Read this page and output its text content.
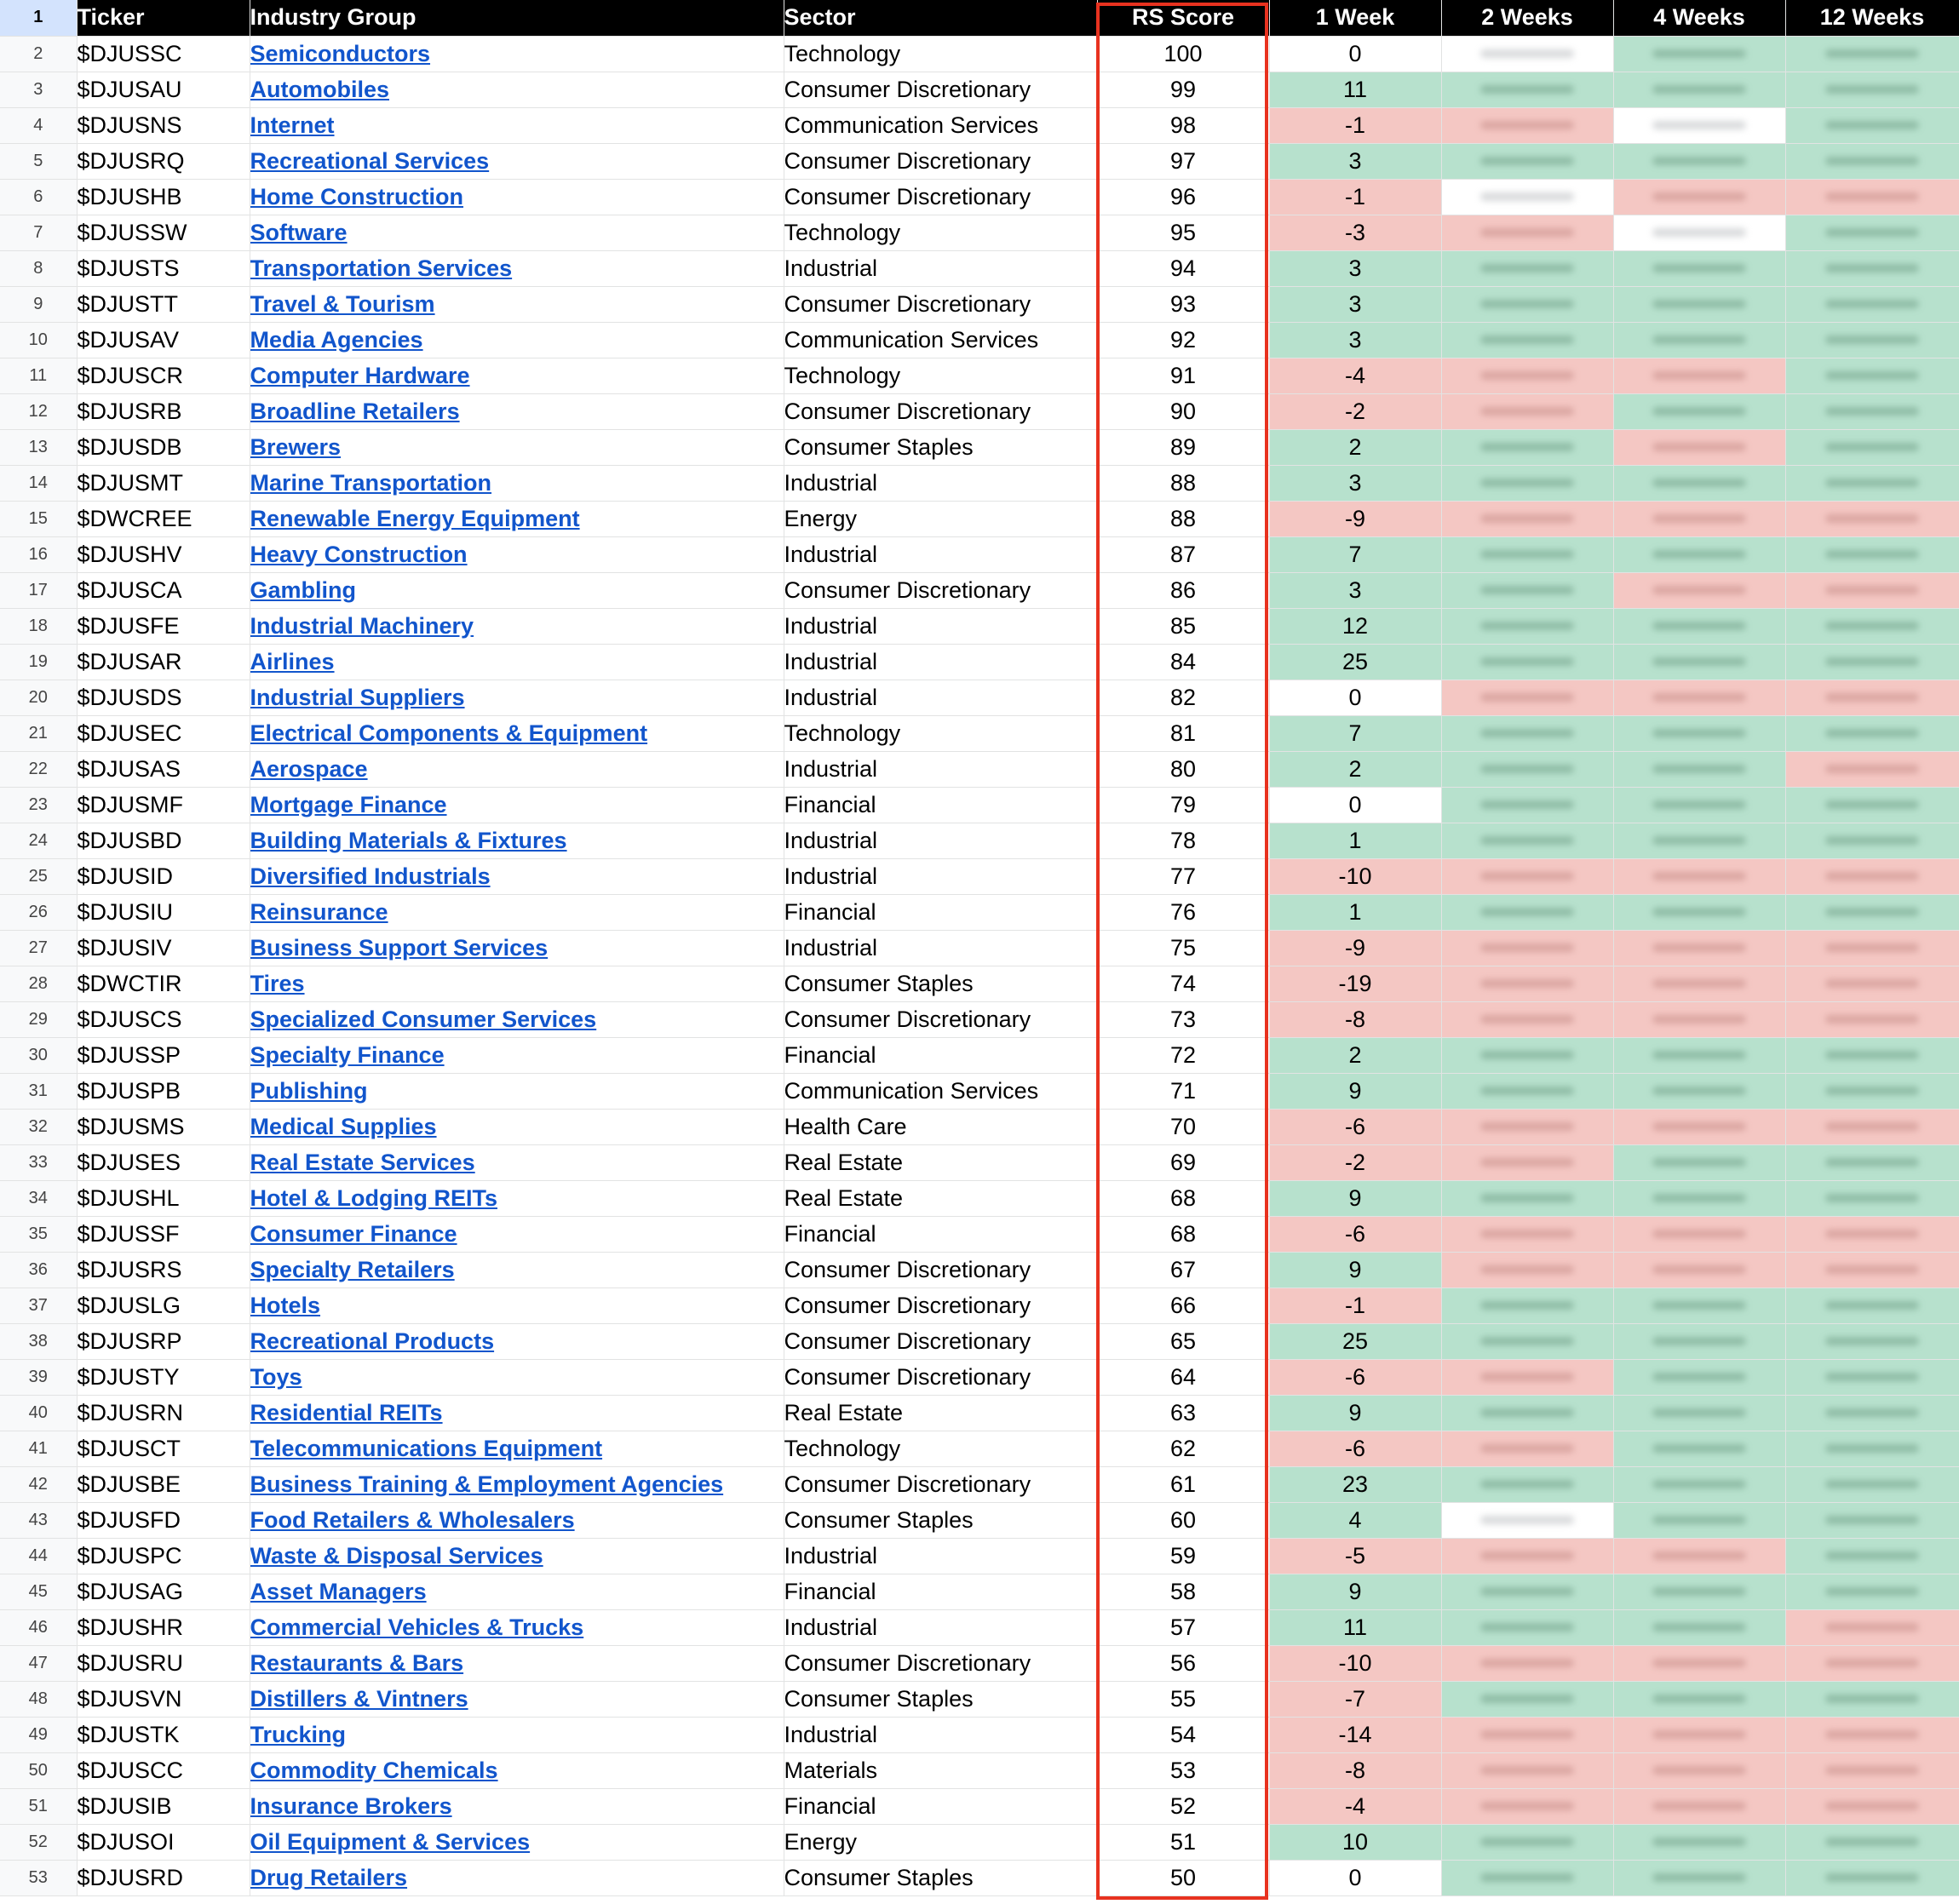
1	Ticker	Industry Group	Sector	RS Score	1 Week	2 Weeks	4 Weeks	12 Weeks
2	$DJUSSC	Semiconductors	Technology	100	0	

3	$DJUSAU	Automobiles	Consumer Discretionary	99	11	

4	$DJUSNS	Internet	Communication Services	98	-1	

5	$DJUSRQ	Recreational Services	Consumer Discretionary	97	3	

6	$DJUSHB	Home Construction	Consumer Discretionary	96	-1	

7	$DJUSSW	Software	Technology	95	-3	

8	$DJUSTS	Transportation Services	Industrial	94	3	

9	$DJUSTT	Travel & Tourism	Consumer Discretionary	93	3	

10	$DJUSAV	Media Agencies	Communication Services	92	3	

11	$DJUSCR	Computer Hardware	Technology	91	-4	

12	$DJUSRB	Broadline Retailers	Consumer Discretionary	90	-2	

13	$DJUSDB	Brewers	Consumer Staples	89	2	

14	$DJUSMT	Marine Transportation	Industrial	88	3	

15	$DWCREE	Renewable Energy Equipment	Energy	88	-9	

16	$DJUSHV	Heavy Construction	Industrial	87	7	

17	$DJUSCA	Gambling	Consumer Discretionary	86	3	

18	$DJUSFE	Industrial Machinery	Industrial	85	12	

19	$DJUSAR	Airlines	Industrial	84	25	

20	$DJUSDS	Industrial Suppliers	Industrial	82	0	

21	$DJUSEC	Electrical Components & Equipment	Technology	81	7	

22	$DJUSAS	Aerospace	Industrial	80	2	

23	$DJUSMF	Mortgage Finance	Financial	79	0	

24	$DJUSBD	Building Materials & Fixtures	Industrial	78	1	

25	$DJUSID	Diversified Industrials	Industrial	77	-10	

26	$DJUSIU	Reinsurance	Financial	76	1	

27	$DJUSIV	Business Support Services	Industrial	75	-9	

28	$DWCTIR	Tires	Consumer Staples	74	-19	

29	$DJUSCS	Specialized Consumer Services	Consumer Discretionary	73	-8	

30	$DJUSSP	Specialty Finance	Financial	72	2	

31	$DJUSPB	Publishing	Communication Services	71	9	

32	$DJUSMS	Medical Supplies	Health Care	70	-6	

33	$DJUSES	Real Estate Services	Real Estate	69	-2	

34	$DJUSHL	Hotel & Lodging REITs	Real Estate	68	9	

35	$DJUSSF	Consumer Finance	Financial	68	-6	

36	$DJUSRS	Specialty Retailers	Consumer Discretionary	67	9	

37	$DJUSLG	Hotels	Consumer Discretionary	66	-1	

38	$DJUSRP	Recreational Products	Consumer Discretionary	65	25	

39	$DJUSTY	Toys	Consumer Discretionary	64	-6	

40	$DJUSRN	Residential REITs	Real Estate	63	9	

41	$DJUSCT	Telecommunications Equipment	Technology	62	-6	

42	$DJUSBE	Business Training & Employment Agencies	Consumer Discretionary	61	23	

43	$DJUSFD	Food Retailers & Wholesalers	Consumer Staples	60	4	

44	$DJUSPC	Waste & Disposal Services	Industrial	59	-5	

45	$DJUSAG	Asset Managers	Financial	58	9	

46	$DJUSHR	Commercial Vehicles & Trucks	Industrial	57	11	

47	$DJUSRU	Restaurants & Bars	Consumer Discretionary	56	-10	

48	$DJUSVN	Distillers & Vintners	Consumer Staples	55	-7	

49	$DJUSTK	Trucking	Industrial	54	-14	

50	$DJUSCC	Commodity Chemicals	Materials	53	-8	

51	$DJUSIB	Insurance Brokers	Financial	52	-4	

52	$DJUSOI	Oil Equipment & Services	Energy	51	10	

53	$DJUSRD	Drug Retailers	Consumer Staples	50	0	
